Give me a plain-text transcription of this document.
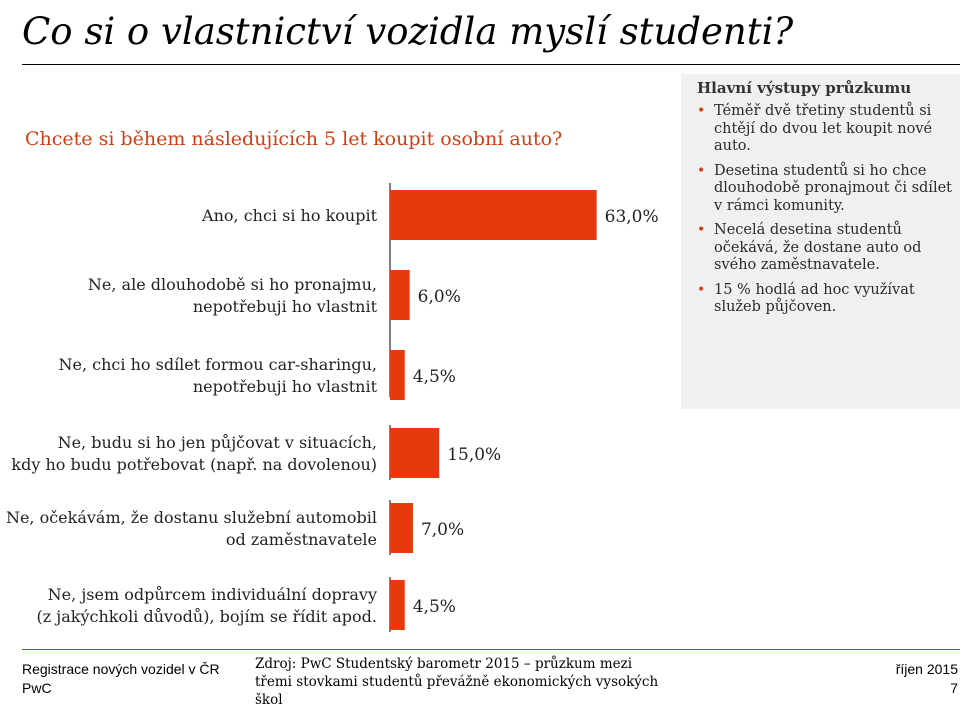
Co si o vlastnictví vozidla myslí studenti?
Chcete si během následujících 5 let koupit osobní auto?
63,0%
Ano, chci si ho koupit
6,0%
Ne, ale dlouhodobě si ho pronajmu,
nepotřebuji ho vlastnit
4,5%
Ne, chci ho sdílet formou car-sharingu,
nepotřebuji ho vlastnit
15,0%
Ne, budu si ho jen půjčovat v situacích,
kdy ho budu potřebovat (např. na dovolenou)
7,0%
Ne, očekávám, že dostanu služební automobil
od zaměstnavatele
4,5%
Ne, jsem odpůrcem individuální dopravy
(z jakýchkoli důvodů), bojím se řídit apod.
Hlavní výstupy průzkumu
• Téměř dvě třetiny studentů si chtějí do dvou let koupit nové auto.
• Desetina studentů si ho chce dlouhodobě pronajmout či sdílet v rámci komunity.
• Necelá desetina studentů očekává, že dostane auto od svého zaměstnavatele.
• 15 % hodlá ad hoc využívat služeb půjčoven.
Registrace nových vozidel v ČR
PwC
Zdroj: PwC Studentský barometr 2015 – průzkum mezi třemi stovkami studentů převážně ekonomických vysokých škol
říjen 2015
7
